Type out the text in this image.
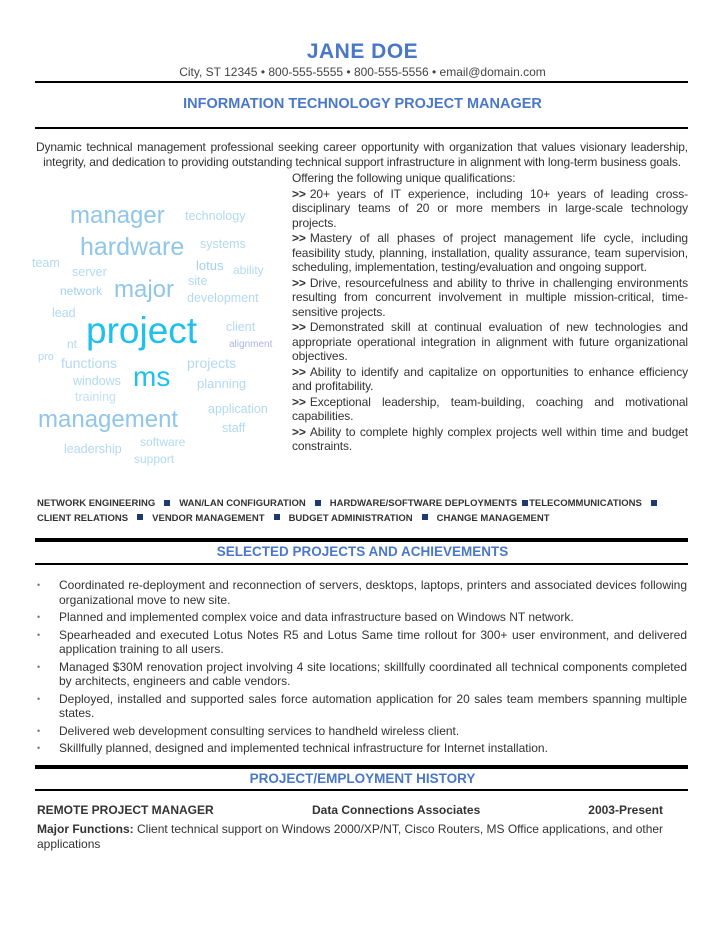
JANE DOE
City, ST 12345 • 800-555-5555 • 800-555-5556 • email@domain.com
INFORMATION TECHNOLOGY PROJECT MANAGER
Dynamic technical management professional seeking career opportunity with organization that values visionary leadership, integrity, and dedication to providing outstanding technical support infrastructure in alignment with long-term business goals.
manager technology
hardware systems
team
server	lotus ability
site
network major development
lead project client
nt	alignment
pro functions	projects
windows ms planning
training
management application
staff
software
leadership
support
Offering the following unique qualifications:
>> 20+ years of IT experience, including 10+ years of leading cross-disciplinary teams of 20 or more members in large-scale technology projects.
>> Mastery of all phases of project management life cycle, including feasibility study, planning, installation, quality assurance, team supervision, scheduling, implementation, testing/evaluation and ongoing support.
>> Drive, resourcefulness and ability to thrive in challenging environments resulting from concurrent involvement in multiple mission-critical, time-sensitive projects.
>> Demonstrated skill at continual evaluation of new technologies and appropriate operational integration in alignment with future organizational objectives.
>> Ability to identify and capitalize on opportunities to enhance efficiency and profitability.
>> Exceptional leadership, team-building, coaching and motivational capabilities.
>> Ability to complete highly complex projects well within time and budget constraints.
NETWORK ENGINEERING	WAN/LAN CONFIGURATION	HARDWARE/SOFTWARE DEPLOYMENTS TELECOMMUNICATIONS
CLIENT RELATIONS	VENDOR MANAGEMENT	BUDGET ADMINISTRATION	CHANGE MANAGEMENT
SELECTED PROJECTS AND ACHIEVEMENTS
• Coordinated re-deployment and reconnection of servers, desktops, laptops, printers and associated devices following organizational move to new site.
• Planned and implemented complex voice and data infrastructure based on Windows NT network.
• Spearheaded and executed Lotus Notes R5 and Lotus Same time rollout for 300+ user environment, and delivered application training to all users.
• Managed $30M renovation project involving 4 site locations; skillfully coordinated all technical components completed by architects, engineers and cable vendors.
• Deployed, installed and supported sales force automation application for 20 sales team members spanning multiple states.
• Delivered web development consulting services to handheld wireless client.
• Skillfully planned, designed and implemented technical infrastructure for Internet installation.
PROJECT/EMPLOYMENT HISTORY
REMOTE PROJECT MANAGER	Data Connections Associates	2003-Present
Major Functions: Client technical support on Windows 2000/XP/NT, Cisco Routers, MS Office applications, and other applications
